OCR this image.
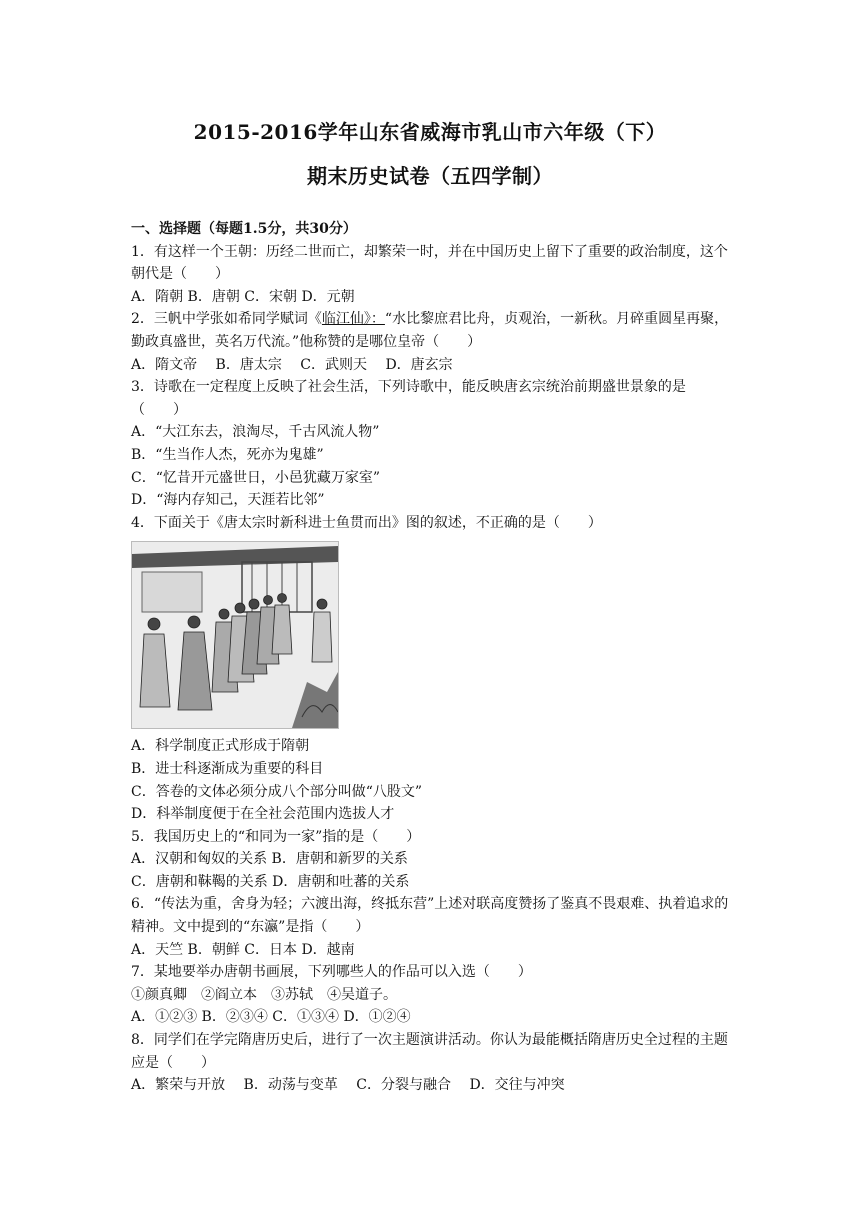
2015-2016学年山东省威海市乳山市六年级（下）
期末历史试卷（五四学制）
一、选择题（每题1.5分，共30分）
1．有这样一个王朝：历经二世而亡，却繁荣一时，并在中国历史上留下了重要的政治制度，这个朝代是（　　）
A．隋朝 B．唐朝 C．宋朝 D．元朝
2．三帆中学张如希同学赋词《临江仙》：“水比黎庶君比舟，贞观治，一新秋。月碎重圆星再聚，勤政真盛世，英名万代流。”他称赞的是哪位皇帝（　　）
A．隋文帝　 B．唐太宗　 C．武则天　 D．唐玄宗
3．诗歌在一定程度上反映了社会生活，下列诗歌中，能反映唐玄宗统治前期盛世景象的是（　　）
A．“大江东去，浪淘尽，千古风流人物”
B．“生当作人杰，死亦为鬼雄”
C．“忆昔开元盛世日，小邑犹藏万家室”
D．“海内存知己，天涯若比邻”
4．下面关于《唐太宗时新科进士鱼贯而出》图的叙述，不正确的是（　　）
A．科学制度正式形成于隋朝
B．进士科逐渐成为重要的科目
C．答卷的文体必须分成八个部分叫做“八股文”
D．科举制度便于在全社会范围内选拔人才
5．我国历史上的“和同为一家”指的是（　　）
A．汉朝和匈奴的关系 B．唐朝和新罗的关系
C．唐朝和靺鞨的关系 D．唐朝和吐蕃的关系
6．“传法为重，舍身为轻；六渡出海，终抵东营”上述对联高度赞扬了鉴真不畏艰难、执着追求的精神。文中提到的“东瀛”是指（　　）
A．天竺 B．朝鲜 C．日本 D．越南
7．某地要举办唐朝书画展，下列哪些人的作品可以入选（　　）
①颜真卿　②阎立本　③苏轼　④吴道子。
A．①②③ B．②③④ C．①③④ D．①②④
8．同学们在学完隋唐历史后，进行了一次主题演讲活动。你认为最能概括隋唐历史全过程的主题应是（　　）
A．繁荣与开放　 B．动荡与变革　 C．分裂与融合　 D．交往与冲突
